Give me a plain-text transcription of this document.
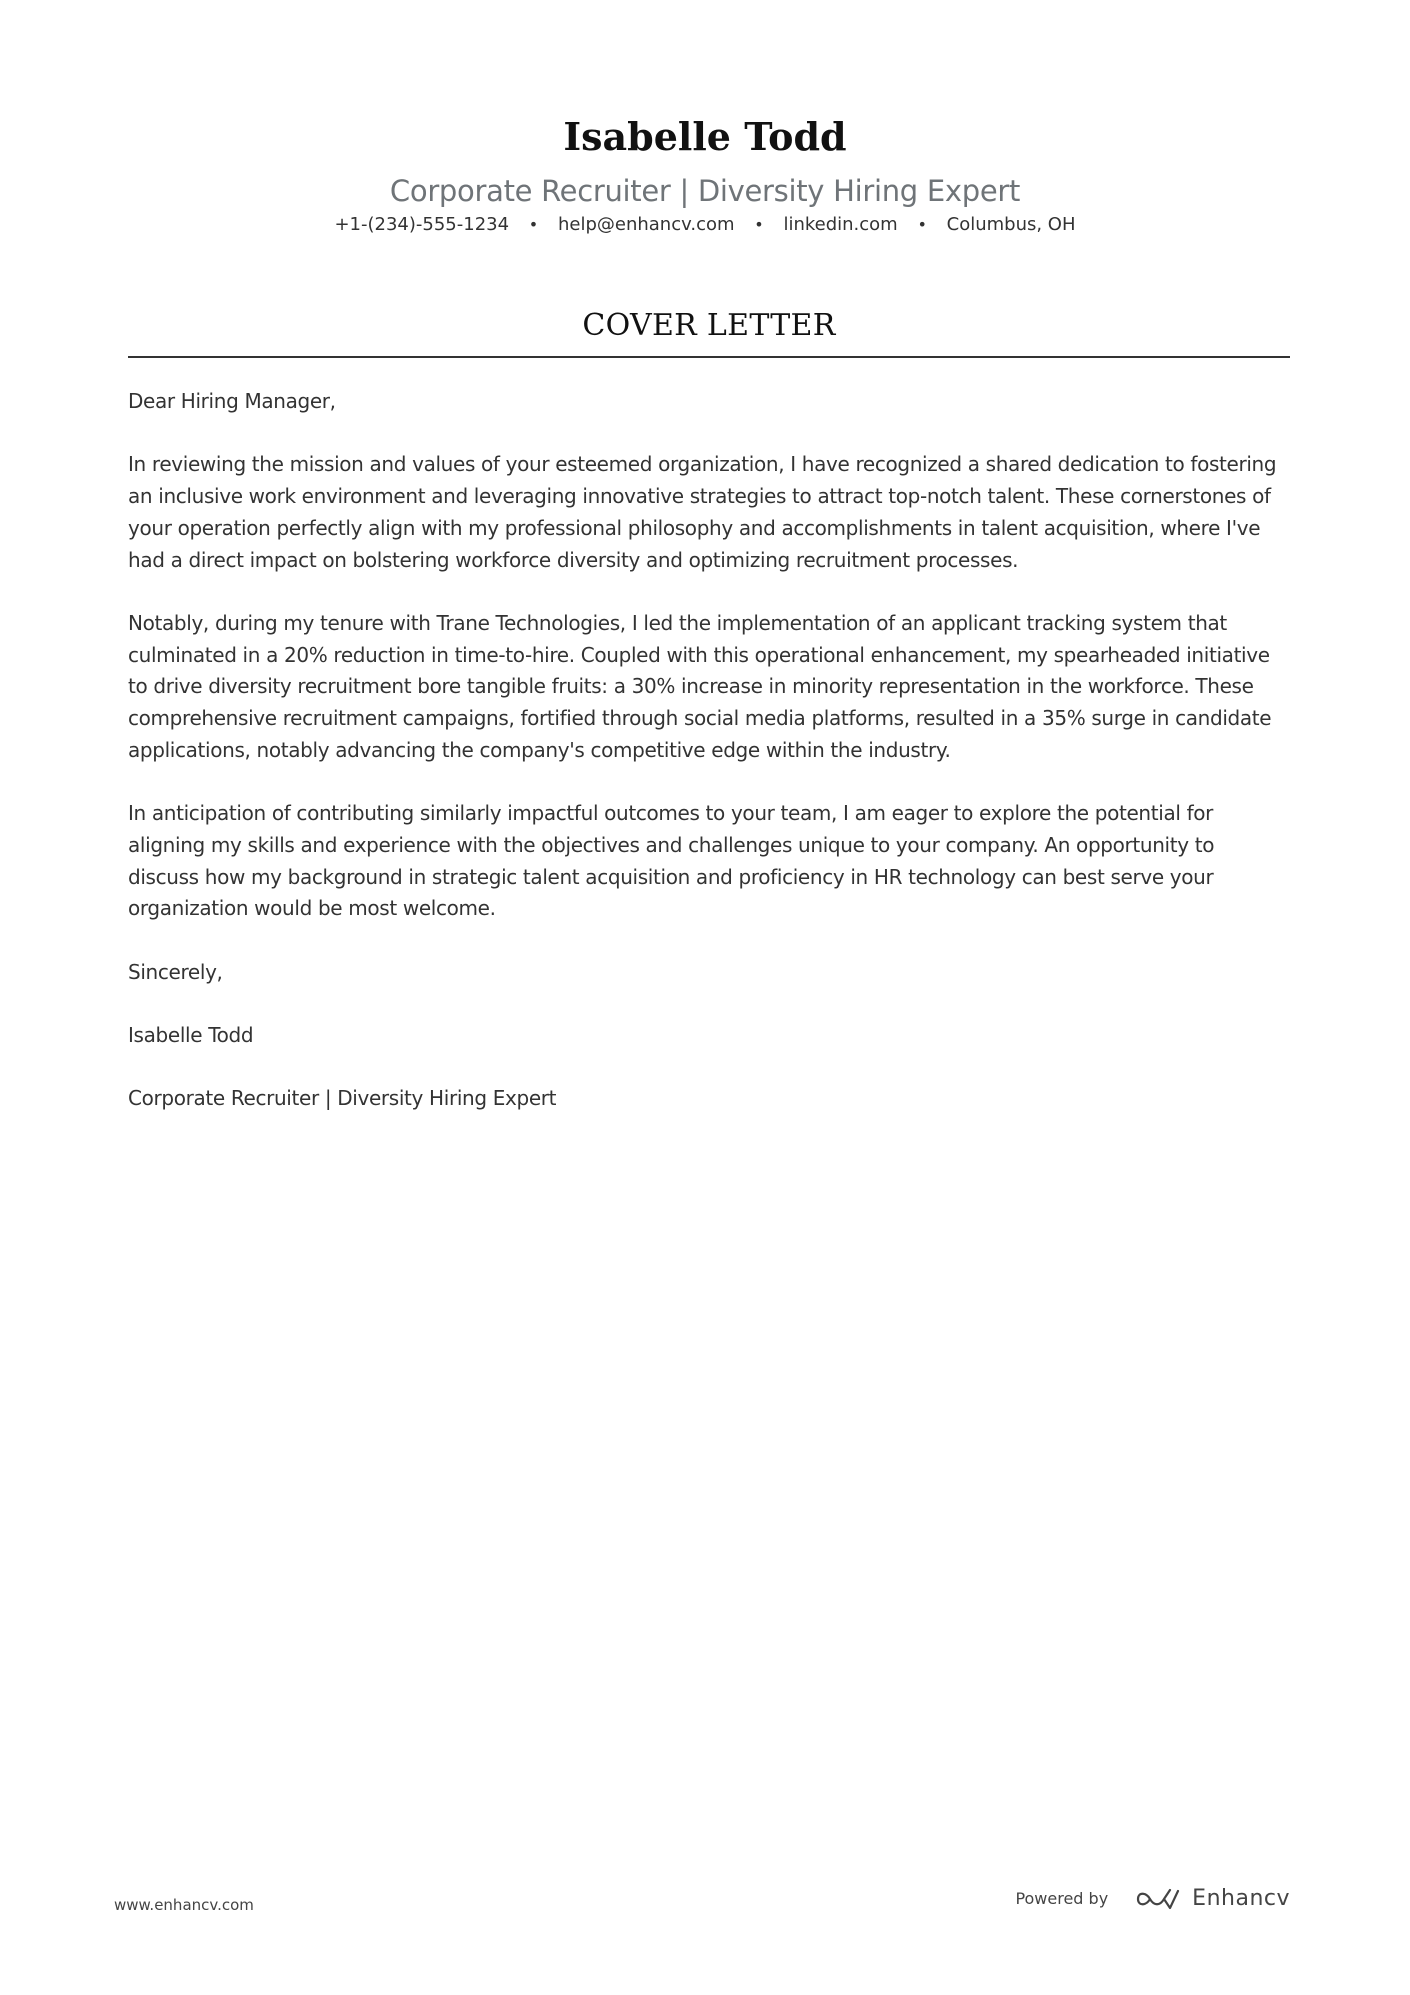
Isabelle Todd
Corporate Recruiter | Diversity Hiring Expert
+1-(234)-555-1234 • help@enhancv.com • linkedin.com • Columbus, OH
COVER LETTER

Dear Hiring Manager,

In reviewing the mission and values of your esteemed organization, I have recognized a shared dedication to fostering an inclusive work environment and leveraging innovative strategies to attract top-notch talent. These cornerstones of your operation perfectly align with my professional philosophy and accomplishments in talent acquisition, where I've had a direct impact on bolstering workforce diversity and optimizing recruitment processes.

Notably, during my tenure with Trane Technologies, I led the implementation of an applicant tracking system that culminated in a 20% reduction in time-to-hire. Coupled with this operational enhancement, my spearheaded initiative to drive diversity recruitment bore tangible fruits: a 30% increase in minority representation in the workforce. These comprehensive recruitment campaigns, fortified through social media platforms, resulted in a 35% surge in candidate applications, notably advancing the company's competitive edge within the industry.

In anticipation of contributing similarly impactful outcomes to your team, I am eager to explore the potential for aligning my skills and experience with the objectives and challenges unique to your company. An opportunity to discuss how my background in strategic talent acquisition and proficiency in HR technology can best serve your organization would be most welcome.

Sincerely,

Isabelle Todd

Corporate Recruiter | Diversity Hiring Expert

www.enhancv.com	Powered by	Enhancv
